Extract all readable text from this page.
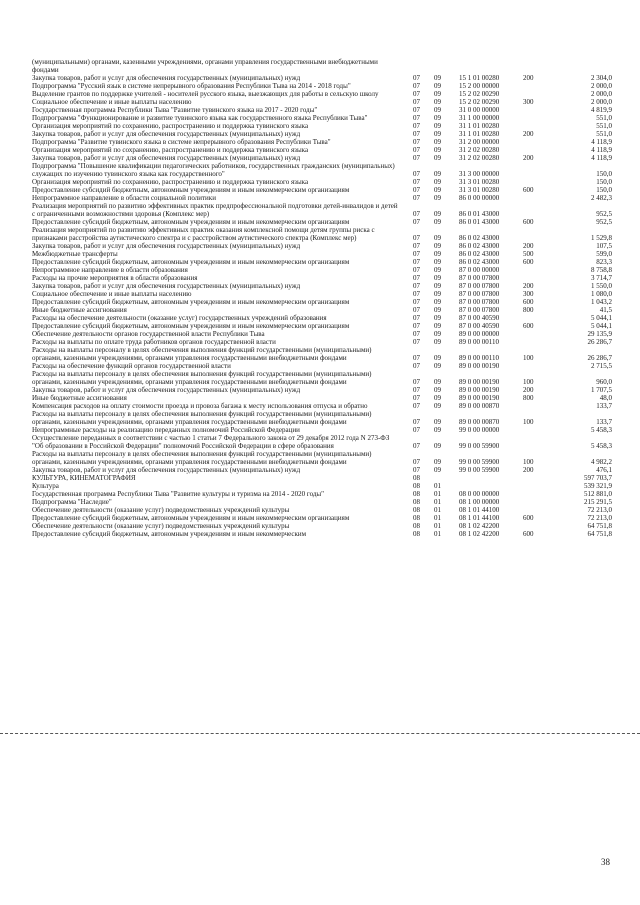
(муниципальными) органами, казенными учреждениями, органами управления государственными внебюджетными фондами
Закупка товаров, работ и услуг для обеспечения государственных (муниципальных) нужд	07 09	15 1 01 00280	200	2 304,0
Подпрограмма "Русский язык в системе непрерывного образования Республики Тыва на 2014 - 2018 годы"	07 09	15 2 00 00000	2 000,0
Выделение грантов по поддержке учителей - носителей русского языка, выезжающих для работы в сельскую школу	07 09	15 2 02 00290	2 000,0
Социальное обеспечение и иные выплаты населению	07 09	15 2 02 00290	300	2 000,0
Государственная программа Республики Тыва "Развитие тувинского языка на 2017 - 2020 годы"	07 09	31 0 00 00000	4 819,9
Подпрограмма "Функционирование и развитие тувинского языка как государственного языка Республики Тыва"	07 09	31 1 00 00000	551,0
Организация мероприятий по сохранению, распространению и поддержка тувинского языка	07 09	31 1 01 00280	551,0
Закупка товаров, работ и услуг для обеспечения государственных (муниципальных) нужд	07 09	31 1 01 00280	200	551,0
Подпрограмма "Развитие тувинского языка в системе непрерывного образования Республики Тыва"	07 09	31 2 00 00000	4 118,9
Организация мероприятий по сохранению, распространению и поддержка тувинского языка	07 09	31 2 02 00280	4 118,9
Закупка товаров, работ и услуг для обеспечения государственных (муниципальных) нужд	07 09	31 2 02 00280	200	4 118,9
Подпрограмма "Повышение квалификации педагогических работников, государственных гражданских (муниципальных) служащих по изучению тувинского языка как государственного"	07 09	31 3 00 00000	150,0
Организация мероприятий по сохранению, распространению и поддержка тувинского языка	07 09	31 3 01 00280	150,0
Предоставление субсидий бюджетным, автономным учреждениям и иным некоммерческим организациям	07 09	31 3 01 00280	600	150,0
Непрограммное направление в области социальной политики	07 09	86 0 00 00000	2 482,3
Реализация мероприятий по развитию эффективных практик предпрофессиональной подготовки детей-инвалидов и детей с ограниченными возможностями здоровья (Комплекс мер)	07 09	86 0 01 43000	952,5
Предоставление субсидий бюджетным, автономным учреждениям и иным некоммерческим организациям	07 09	86 0 01 43000	600	952,5
Реализация мероприятий по развитию эффективных практик оказания комплексной помощи детям группы риска с признаками расстройства аутистического спектра и с расстройством аутистического спектра (Комплекс мер)	07 09	86 0 02 43000	1 529,8
Закупка товаров, работ и услуг для обеспечения государственных (муниципальных) нужд	07 09	86 0 02 43000	200	107,5
Межбюджетные трансферты	07 09	86 0 02 43000	500	599,0
Предоставление субсидий бюджетным, автономным учреждениям и иным некоммерческим организациям	07 09	86 0 02 43000	600	823,3
Непрограммное направление в области образования	07 09	87 0 00 00000	8 758,8
Расходы на прочие мероприятия в области образования	07 09	87 0 00 07800	3 714,7
Закупка товаров, работ и услуг для обеспечения государственных (муниципальных) нужд	07 09	87 0 00 07800	200	1 550,0
Социальное обеспечение и иные выплаты населению	07 09	87 0 00 07800	300	1 080,0
Предоставление субсидий бюджетным, автономным учреждениям и иным некоммерческим организациям	07 09	87 0 00 07800	600	1 043,2
Иные бюджетные ассигнования	07 09	87 0 00 07800	800	41,5
Расходы на обеспечение деятельности (оказание услуг) государственных учреждений образования	07 09	87 0 00 40590	5 044,1
Предоставление субсидий бюджетным, автономным учреждениям и иным некоммерческим организациям	07 09	87 0 00 40590	600	5 044,1
Обеспечение деятельности органов государственной власти Республики Тыва	07 09	89 0 00 00000	29 135,9
Расходы на выплаты по оплате труда работников органов государственной власти	07 09	89 0 00 00110	26 286,7
Расходы на выплаты персоналу в целях обеспечения выполнения функций государственными (муниципальными) органами, казенными учреждениями, органами управления государственными внебюджетными фондами	07 09	89 0 00 00110	100	26 286,7
Расходы на обеспечение функций органов государственной власти	07 09	89 0 00 00190	2 715,5
Расходы на выплаты персоналу в целях обеспечения выполнения функций государственными (муниципальными) органами, казенными учреждениями, органами управления государственными внебюджетными фондами	07 09	89 0 00 00190	100	960,0
Закупка товаров, работ и услуг для обеспечения государственных (муниципальных) нужд	07 09	89 0 00 00190	200	1 707,5
Иные бюджетные ассигнования	07 09	89 0 00 00190	800	48,0
Компенсация расходов на оплату стоимости проезда и провоза багажа к месту использования отпуска и обратно	07 09	89 0 00 00870	133,7
Расходы на выплаты персоналу в целях обеспечения выполнения функций государственными (муниципальными) органами, казенными учреждениями, органами управления государственными внебюджетными фондами	07 09	89 0 00 00870	100	133,7
Непрограммные расходы на реализацию переданных полномочий Российской Федерации	07 09	99 0 00 00000	5 458,3
Осуществление переданных в соответствии с частью 1 статьи 7 Федерального закона от 29 декабря 2012 года N 273-ФЗ "Об образовании в Российской Федерации" полномочий Российской Федерации в сфере образования	07 09	99 0 00 59900	5 458,3
Расходы на выплаты персоналу в целях обеспечения выполнения функций государственными (муниципальными) органами, казенными учреждениями, органами управления государственными внебюджетными фондами	07 09	99 0 00 59900	100	4 982,2
Закупка товаров, работ и услуг для обеспечения государственных (муниципальных) нужд	07 09	99 0 00 59900	200	476,1
КУЛЬТУРА, КИНЕМАТОГРАФИЯ	08	597 703,7
Культура	08 01	539 321,9
Государственная программа Республики Тыва "Развитие культуры и туризма на 2014 - 2020 годы"	08 01	08 0 00 00000	512 881,0
Подпрограмма "Наследие"	08 01	08 1 00 00000	215 291,5
Обеспечение деятельности (оказание услуг) подведомственных учреждений культуры	08 01	08 1 01 44100	72 213,0
Предоставление субсидий бюджетным, автономным учреждениям и иным некоммерческим организациям	08 01	08 1 01 44100	600	72 213,0
Обеспечение деятельности (оказание услуг) подведомственных учреждений культуры	08 01	08 1 02 42200	64 751,8
Предоставление субсидий бюджетным, автономным учреждениям и иным некоммерческим	08 01	08 1 02 42200	600	64 751,8
38
